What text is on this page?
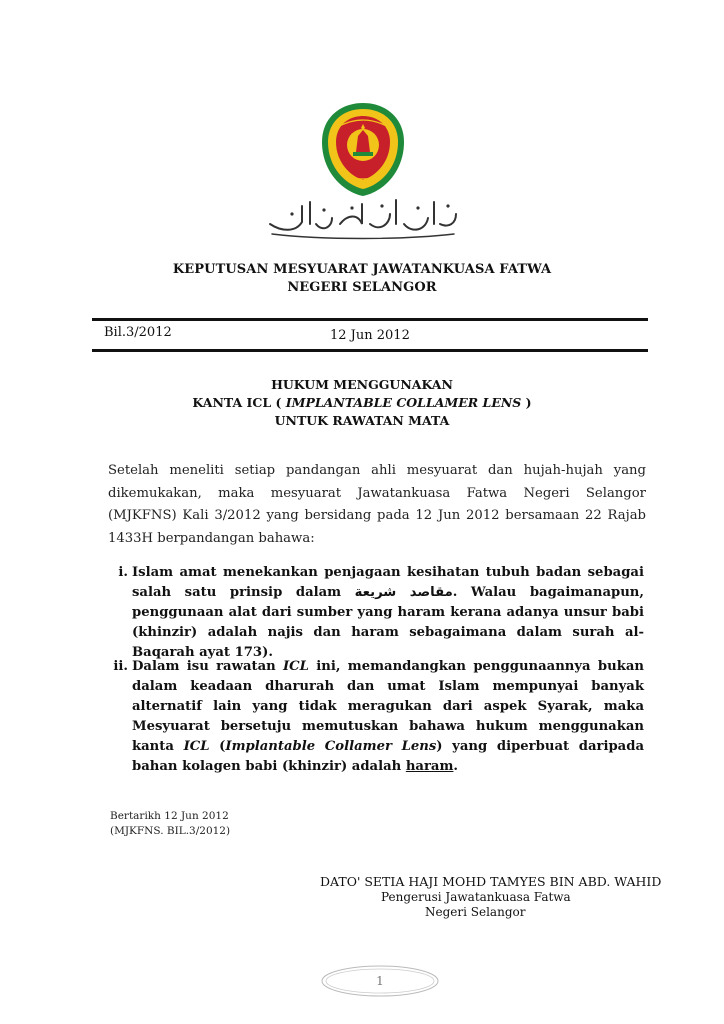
KEPUTUSAN MESYUARAT JAWATANKUASA FATWA
NEGERI SELANGOR
Bil.3/2012	12 Jun 2012
HUKUM MENGGUNAKAN
KANTA ICL ( IMPLANTABLE COLLAMER LENS )
UNTUK RAWATAN MATA
Setelah meneliti setiap pandangan ahli mesyuarat dan hujah-hujah yang dikemukakan, maka mesyuarat Jawatankuasa Fatwa Negeri Selangor (MJKFNS) Kali 3/2012 yang bersidang pada 12 Jun 2012 bersamaan 22 Rajab 1433H berpandangan bahawa:
i. Islam amat menekankan penjagaan kesihatan tubuh badan sebagai salah satu prinsip dalam مقاصد شريعة. Walau bagaimanapun, penggunaan alat dari sumber yang haram kerana adanya unsur babi (khinzir) adalah najis dan haram sebagaimana dalam surah al-Baqarah ayat 173).
ii. Dalam isu rawatan ICL ini, memandangkan penggunaannya bukan dalam keadaan dharurah dan umat Islam mempunyai banyak alternatif lain yang tidak meragukan dari aspek Syarak, maka Mesyuarat bersetuju memutuskan bahawa hukum menggunakan kanta ICL (Implantable Collamer Lens) yang diperbuat daripada bahan kolagen babi (khinzir) adalah haram.
Bertarikh 12 Jun 2012
(MJKFNS. BIL.3/2012)
DATO' SETIA HAJI MOHD TAMYES BIN ABD. WAHID
Pengerusi Jawatankuasa Fatwa
Negeri Selangor
1
